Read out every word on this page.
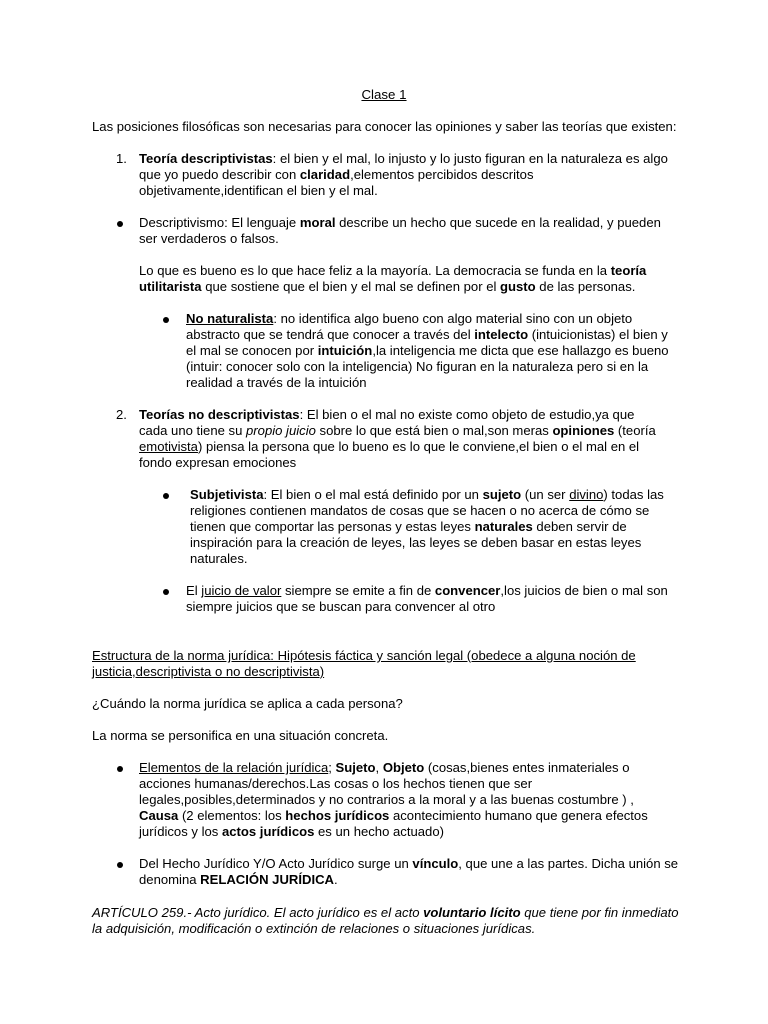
Clase 1

Las posiciones filosóficas son necesarias para conocer las opiniones y saber las teorías que existen:

1. Teoría descriptivistas: el bien y el mal, lo injusto y lo justo figuran en la naturaleza es algo que yo puedo describir con claridad,elementos percibidos descritos objetivamente,identifican el bien y el mal.

Descriptivismo: El lenguaje moral describe un hecho que sucede en la realidad, y pueden ser verdaderos o falsos.

Lo que es bueno es lo que hace feliz a la mayoría. La democracia se funda en la teoría utilitarista que sostiene que el bien y el mal se definen por el gusto de las personas.

No naturalista: no identifica algo bueno con algo material sino con un objeto abstracto que se tendrá que conocer a través del intelecto (intuicionistas) el bien y el mal se conocen por intuición,la inteligencia me dicta que ese hallazgo es bueno (intuir: conocer solo con la inteligencia) No figuran en la naturaleza pero si en la realidad a través de la intuición

2. Teorías no descriptivistas: El bien o el mal no existe como objeto de estudio,ya que cada uno tiene su propio juicio sobre lo que está bien o mal,son meras opiniones (teoría emotivista) piensa la persona que lo bueno es lo que le conviene,el bien o el mal en el fondo expresan emociones

Subjetivista: El bien o el mal está definido por un sujeto (un ser divino) todas las religiones contienen mandatos de cosas que se hacen o no acerca de cómo se tienen que comportar las personas y estas leyes naturales deben servir de inspiración para la creación de leyes, las leyes se deben basar en estas leyes naturales.

El juicio de valor siempre se emite a fin de convencer,los juicios de bien o mal son siempre juicios que se buscan para convencer al otro

Estructura de la norma jurídica: Hipótesis fáctica y sanción legal (obedece a alguna noción de justicia,descriptivista o no descriptivista)

¿Cuándo la norma jurídica se aplica a cada persona?

La norma se personifica en una situación concreta.

Elementos de la relación jurídica; Sujeto, Objeto (cosas,bienes entes inmateriales o acciones humanas/derechos.Las cosas o los hechos tienen que ser legales,posibles,determinados y no contrarios a la moral y a las buenas costumbre ) , Causa (2 elementos: los hechos jurídicos acontecimiento humano que genera efectos jurídicos y los actos jurídicos es un hecho actuado)

Del Hecho Jurídico Y/O Acto Jurídico surge un vínculo, que une a las partes. Dicha unión se denomina RELACIÓN JURÍDICA.

ARTÍCULO 259.- Acto jurídico. El acto jurídico es el acto voluntario lícito que tiene por fin inmediato la adquisición, modificación o extinción de relaciones o situaciones jurídicas.
